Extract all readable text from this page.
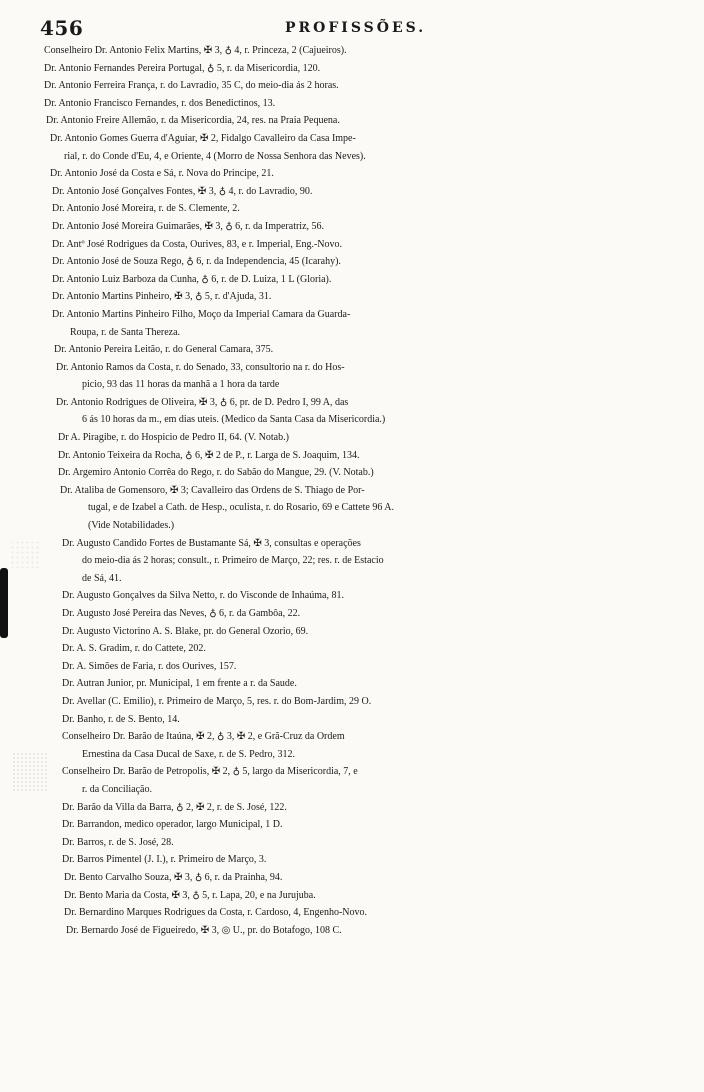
456	PROFISSÕES.
Conselheiro Dr. Antonio Felix Martins, ✠ 3, ♁ 4, r. Princeza, 2 (Cajueiros).
Dr. Antonio Fernandes Pereira Portugal, ♁ 5, r. da Misericordia, 120.
Dr. Antonio Ferreira França, r. do Lavradio, 35 C, do meio-dia ás 2 horas.
Dr. Antonio Francisco Fernandes, r. dos Benedictinos, 13.
Dr. Antonio Freire Allemão, r. da Misericordia, 24, res. na Praia Pequena.
Dr. Antonio Gomes Guerra d'Aguiar, ✠ 2, Fidalgo Cavalleiro da Casa Impe-
rial, r. do Conde d'Eu, 4, e Oriente, 4 (Morro de Nossa Senhora das Neves).
Dr. Antonio José da Costa e Sá, r. Nova do Principe, 21.
Dr. Antonio José Gonçalves Fontes, ✠ 3, ♁ 4, r. do Lavradio, 90.
Dr. Antonio José Moreira, r. de S. Clemente, 2.
Dr. Antonio José Moreira Guimarães, ✠ 3, ♁ 6, r. da Imperatriz, 56.
Dr. Antº José Rodrigues da Costa, Ourives, 83, e r. Imperial, Eng.-Novo.
Dr. Antonio José de Souza Rego, ♁ 6, r. da Independencia, 45 (Icarahy).
Dr. Antonio Luiz Barboza da Cunha, ♁ 6, r. de D. Luiza, 1 L (Gloria).
Dr. Antonio Martins Pinheiro, ✠ 3, ♁ 5, r. d'Ajuda, 31.
Dr. Antonio Martins Pinheiro Filho, Moço da Imperial Camara da Guarda-
Roupa, r. de Santa Thereza.
Dr. Antonio Pereira Leitão, r. do General Camara, 375.
Dr. Antonio Ramos da Costa, r. do Senado, 33, consultorio na r. do Hos-
picio, 93 das 11 horas da manhã a 1 hora da tarde
Dr. Antonio Rodrigues de Oliveira, ✠ 3, ♁ 6, pr. de D. Pedro I, 99 A, das
6 ás 10 horas da m., em dias uteis. (Medico da Santa Casa da Misericordia.)
Dr A. Piragibe, r. do Hospicio de Pedro II, 64. (V. Notab.)
Dr. Antonio Teixeira da Rocha, ♁ 6, ✠ 2 de P., r. Larga de S. Joaquim, 134.
Dr. Argemiro Antonio Corrêa do Rego, r. do Sabão do Mangue, 29. (V. Notab.)
Dr. Ataliba de Gomensoro, ✠ 3; Cavalleiro das Ordens de S. Thiago de Por-
tugal, e de Izabel a Cath. de Hesp., oculista, r. do Rosario, 69 e Cattete 96 A.
(Vide Notabilidades.)
Dr. Augusto Candido Fortes de Bustamante Sá, ✠ 3, consultas e operações
do meio-dia ás 2 horas; consult., r. Primeiro de Março, 22; res. r. de Estacio
de Sá, 41.
Dr. Augusto Gonçalves da Silva Netto, r. do Visconde de Inhaúma, 81.
Dr. Augusto José Pereira das Neves, ♁ 6, r. da Gambôa, 22.
Dr. Augusto Victorino A. S. Blake, pr. do General Ozorio, 69.
Dr. A. S. Gradim, r. do Cattete, 202.
Dr. A. Simões de Faria, r. dos Ourives, 157.
Dr. Autran Junior, pr. Municipal, 1 em frente a r. da Saude.
Dr. Avellar (C. Emilio), r. Primeiro de Março, 5, res. r. do Bom-Jardim, 29 O.
Dr. Banho, r. de S. Bento, 14.
Conselheiro Dr. Barão de Itaúna, ✠ 2, ♁ 3, ✠ 2, e Grã-Cruz da Ordem
Ernestina da Casa Ducal de Saxe, r. de S. Pedro, 312.
Conselheiro Dr. Barão de Petropolis, ✠ 2, ♁ 5, largo da Misericordia, 7, e
r. da Conciliação.
Dr. Barão da Villa da Barra, ♁ 2, ✠ 2, r. de S. José, 122.
Dr. Barrandon, medico operador, largo Municipal, 1 D.
Dr. Barros, r. de S. José, 28.
Dr. Barros Pimentel (J. I.), r. Primeiro de Março, 3.
Dr. Bento Carvalho Souza, ✠ 3, ♁ 6, r. da Prainha, 94.
Dr. Bento Maria da Costa, ✠ 3, ♁ 5, r. Lapa, 20, e na Jurujuba.
Dr. Bernardino Marques Rodrigues da Costa, r. Cardoso, 4, Engenho-Novo.
Dr. Bernardo José de Figueiredo, ✠ 3, ◎ U., pr. do Botafogo, 108 C.
